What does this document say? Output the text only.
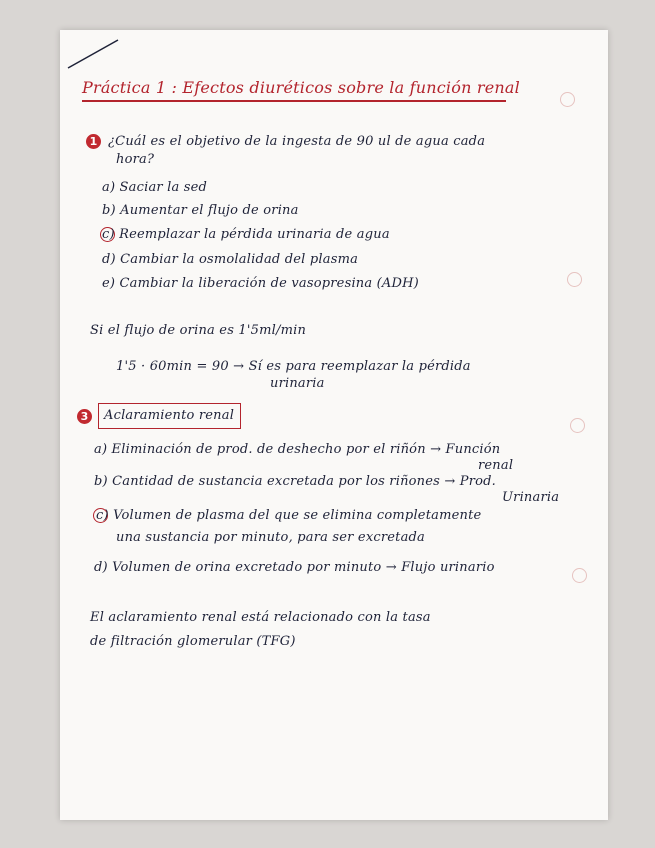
Práctica 1 : Efectos diuréticos sobre la función renal
1 ¿Cuál es el objetivo de la ingesta de 90 ul de agua cada
hora?
a) Saciar la sed
b) Aumentar el flujo de orina
c) Reemplazar la pérdida urinaria de agua
d) Cambiar la osmolalidad del plasma
e) Cambiar la liberación de vasopresina (ADH)
Si el flujo de orina es 1'5ml/min
1'5 · 60min = 90 → Sí es para reemplazar la pérdida
urinaria
3 Aclaramiento renal
a) Eliminación de prod. de deshecho por el riñón → Función
renal
b) Cantidad de sustancia excretada por los riñones → Prod.
Urinaria
c) Volumen de plasma del que se elimina completamente
una sustancia por minuto, para ser excretada
d) Volumen de orina excretado por minuto → Flujo urinario
El aclaramiento renal está relacionado con la tasa
de filtración glomerular (TFG)
